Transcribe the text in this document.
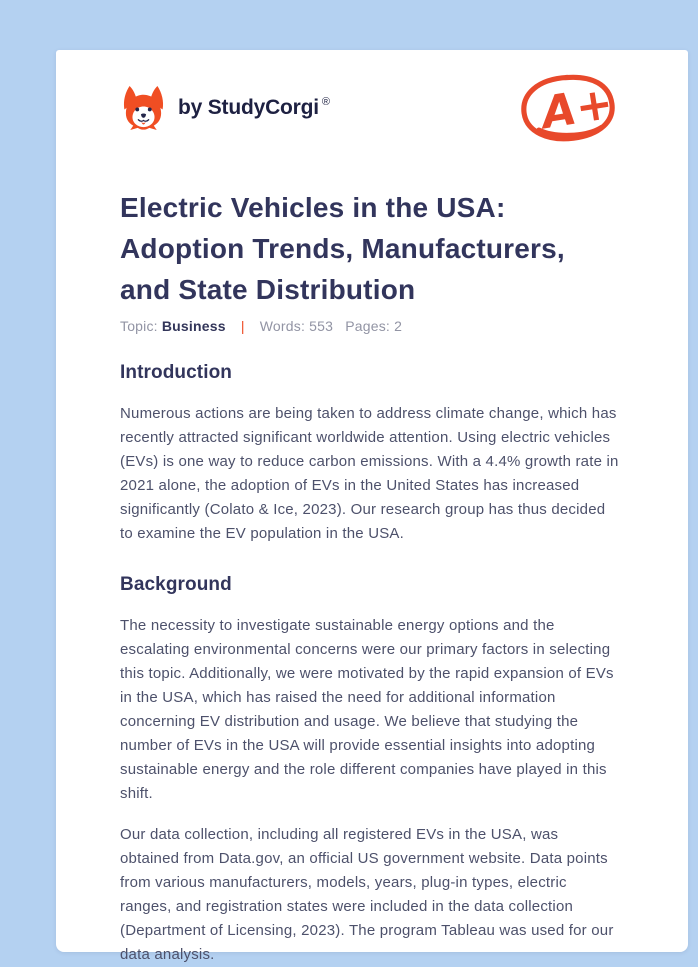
by StudyCorgi ®	A+
Electric Vehicles in the USA: Adoption Trends, Manufacturers, and State Distribution
Topic: Business | Words: 553 Pages: 2
Introduction

Numerous actions are being taken to address climate change, which has recently attracted significant worldwide attention. Using electric vehicles (EVs) is one way to reduce carbon emissions. With a 4.4% growth rate in 2021 alone, the adoption of EVs in the United States has increased significantly (Colato & Ice, 2023). Our research group has thus decided to examine the EV population in the USA.

Background

The necessity to investigate sustainable energy options and the escalating environmental concerns were our primary factors in selecting this topic. Additionally, we were motivated by the rapid expansion of EVs in the USA, which has raised the need for additional information concerning EV distribution and usage. We believe that studying the number of EVs in the USA will provide essential insights into adopting sustainable energy and the role different companies have played in this shift.

Our data collection, including all registered EVs in the USA, was obtained from Data.gov, an official US government website. Data points from various manufacturers, models, years, plug-in types, electric ranges, and registration states were included in the data collection (Department of Licensing, 2023). The program Tableau was used for our data analysis.
